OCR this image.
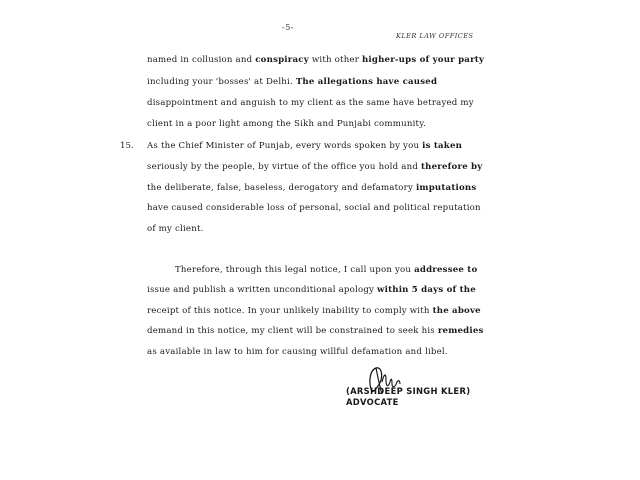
-5-
KLER LAW OFFICES
named in collusion and conspiracy with other higher-ups of your party
including your 'bosses' at Delhi. The allegations have caused
disappointment and anguish to my client as the same have betrayed my
client in a poor light among the Sikh and Punjabi community.
15. As the Chief Minister of Punjab, every words spoken by you is taken
seriously by the people, by virtue of the office you hold and therefore by
the deliberate, false, baseless, derogatory and defamatory imputations
have caused considerable loss of personal, social and political reputation
of my client.
Therefore, through this legal notice, I call upon you addressee to
issue and publish a written unconditional apology within 5 days of the
receipt of this notice. In your unlikely inability to comply with the above
demand in this notice, my client will be constrained to seek his remedies
as available in law to him for causing willful defamation and libel.
(ARSHDEEP SINGH KLER)
ADVOCATE
